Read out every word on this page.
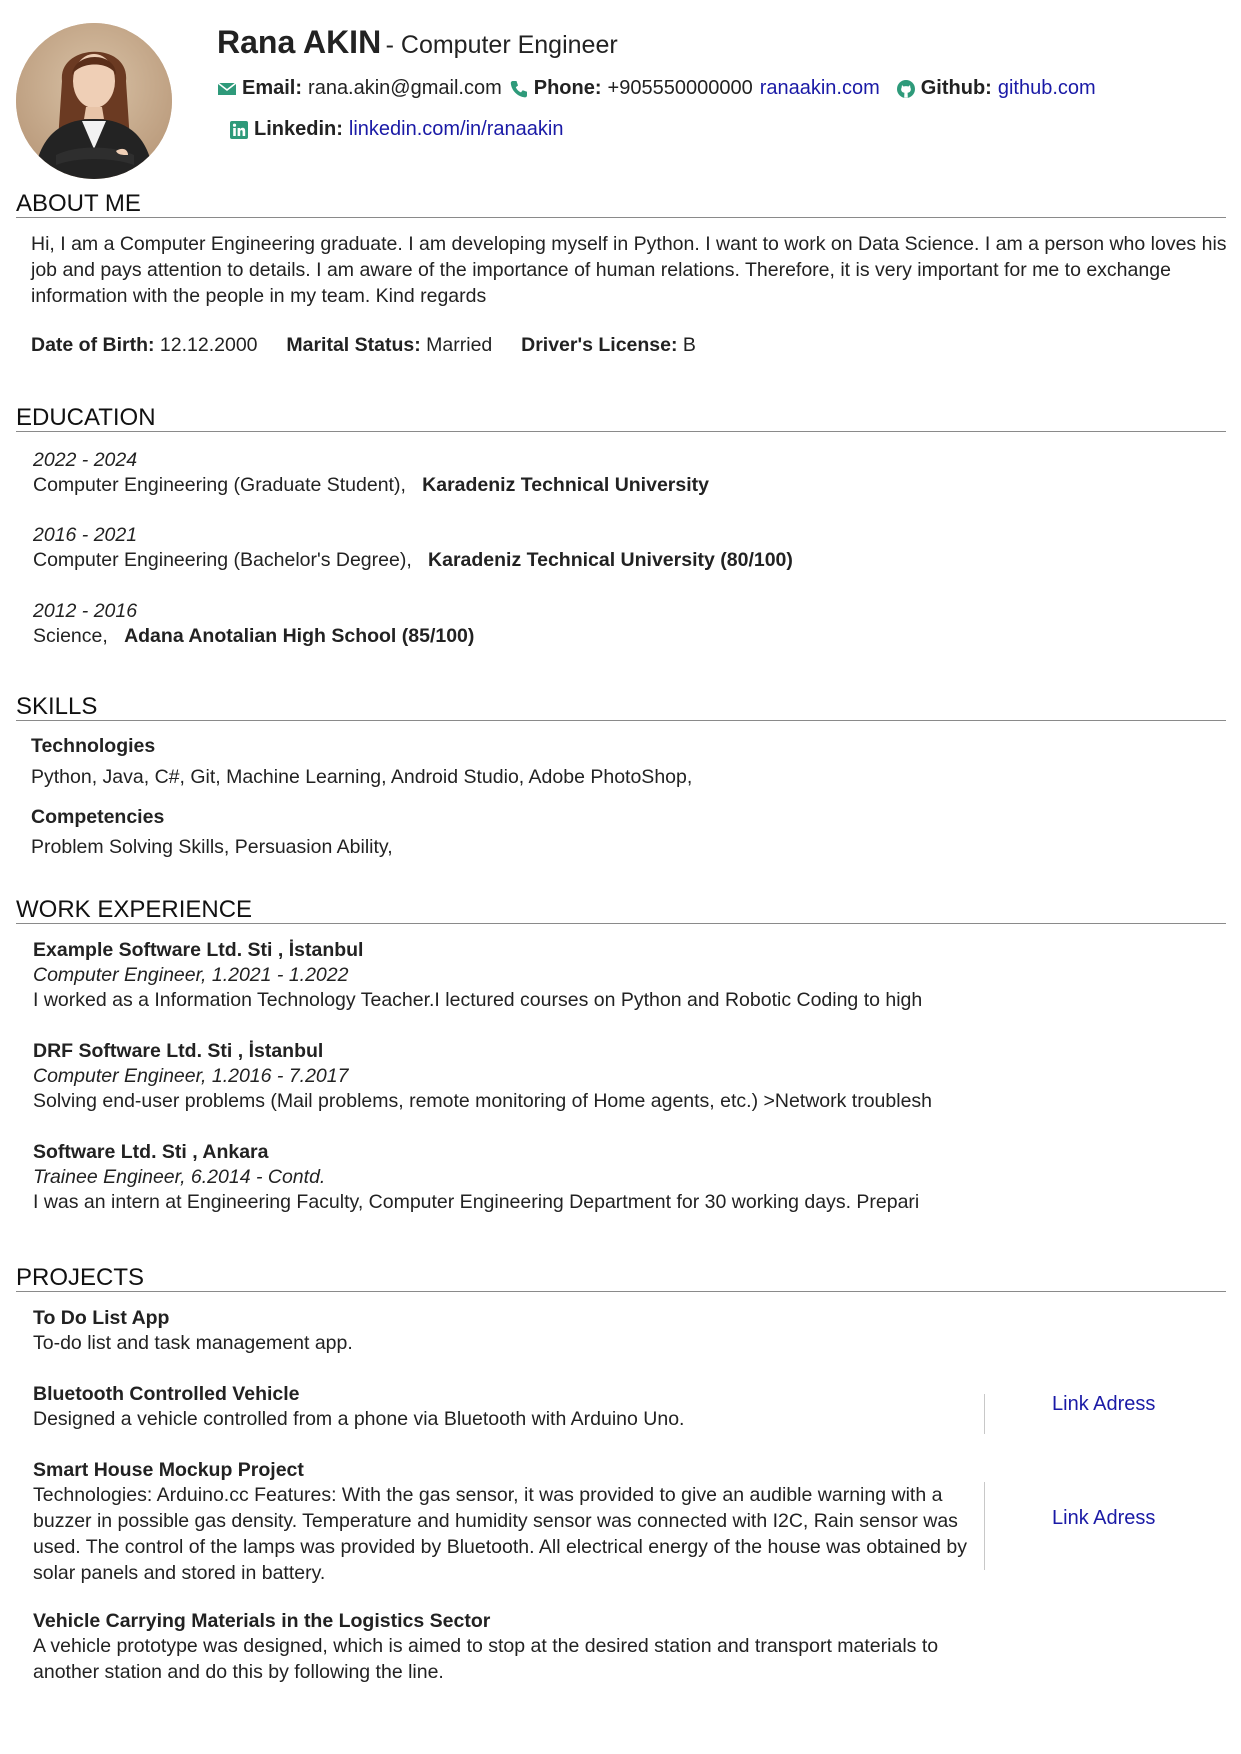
Rana AKIN - Computer Engineer
Email: rana.akin@gmail.com Phone: +905550000000 ranaakin.com Github: github.com
Linkedin: linkedin.com/in/ranaakin
ABOUT ME
Hi, I am a Computer Engineering graduate. I am developing myself in Python. I want to work on Data Science. I am a person who loves his job and pays attention to details. I am aware of the importance of human relations. Therefore, it is very important for me to exchange information with the people in my team. Kind regards
Date of Birth: 12.12.2000 Marital Status: Married Driver's License: B
EDUCATION
2022 - 2024
Computer Engineering (Graduate Student), Karadeniz Technical University
2016 - 2021
Computer Engineering (Bachelor's Degree), Karadeniz Technical University (80/100)
2012 - 2016
Science, Adana Anotalian High School (85/100)
SKILLS
Technologies
Python, Java, C#, Git, Machine Learning, Android Studio, Adobe PhotoShop,
Competencies
Problem Solving Skills, Persuasion Ability,
WORK EXPERIENCE
Example Software Ltd. Sti , İstanbul
Computer Engineer, 1.2021 - 1.2022
I worked as a Information Technology Teacher.I lectured courses on Python and Robotic Coding to high
DRF Software Ltd. Sti , İstanbul
Computer Engineer, 1.2016 - 7.2017
Solving end-user problems (Mail problems, remote monitoring of Home agents, etc.) >Network troublesh
Software Ltd. Sti , Ankara
Trainee Engineer, 6.2014 - Contd.
I was an intern at Engineering Faculty, Computer Engineering Department for 30 working days. Prepari
PROJECTS
To Do List App
To-do list and task management app.
Bluetooth Controlled Vehicle
Designed a vehicle controlled from a phone via Bluetooth with Arduino Uno.
Link Adress
Smart House Mockup Project
Technologies: Arduino.cc Features: With the gas sensor, it was provided to give an audible warning with a buzzer in possible gas density. Temperature and humidity sensor was connected with I2C, Rain sensor was used. The control of the lamps was provided by Bluetooth. All electrical energy of the house was obtained by solar panels and stored in battery.
Link Adress
Vehicle Carrying Materials in the Logistics Sector
A vehicle prototype was designed, which is aimed to stop at the desired station and transport materials to another station and do this by following the line.
